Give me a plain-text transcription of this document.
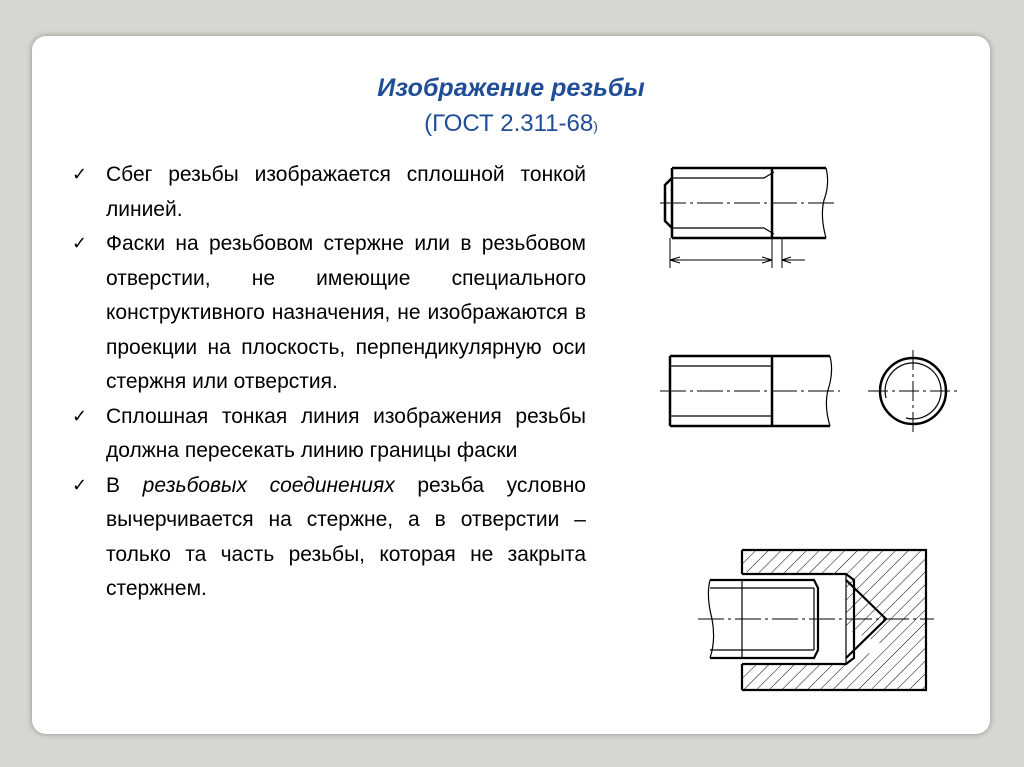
Изображение резьбы
(ГОСТ 2.311-68)
✓ Сбег резьбы изображается сплошной тонкой линией.
✓ Фаски на резьбовом стержне или в резьбовом отверстии, не имеющие специального конструктивного назначения, не изображаются в проекции на плоскость, перпендикулярную оси стержня или отверстия.
✓ Сплошная тонкая линия изображения резьбы должна пересекать линию границы фаски
✓ В резьбовых соединениях резьба условно вычерчивается на стержне, а в отверстии – только та часть резьбы, которая не закрыта стержнем.
